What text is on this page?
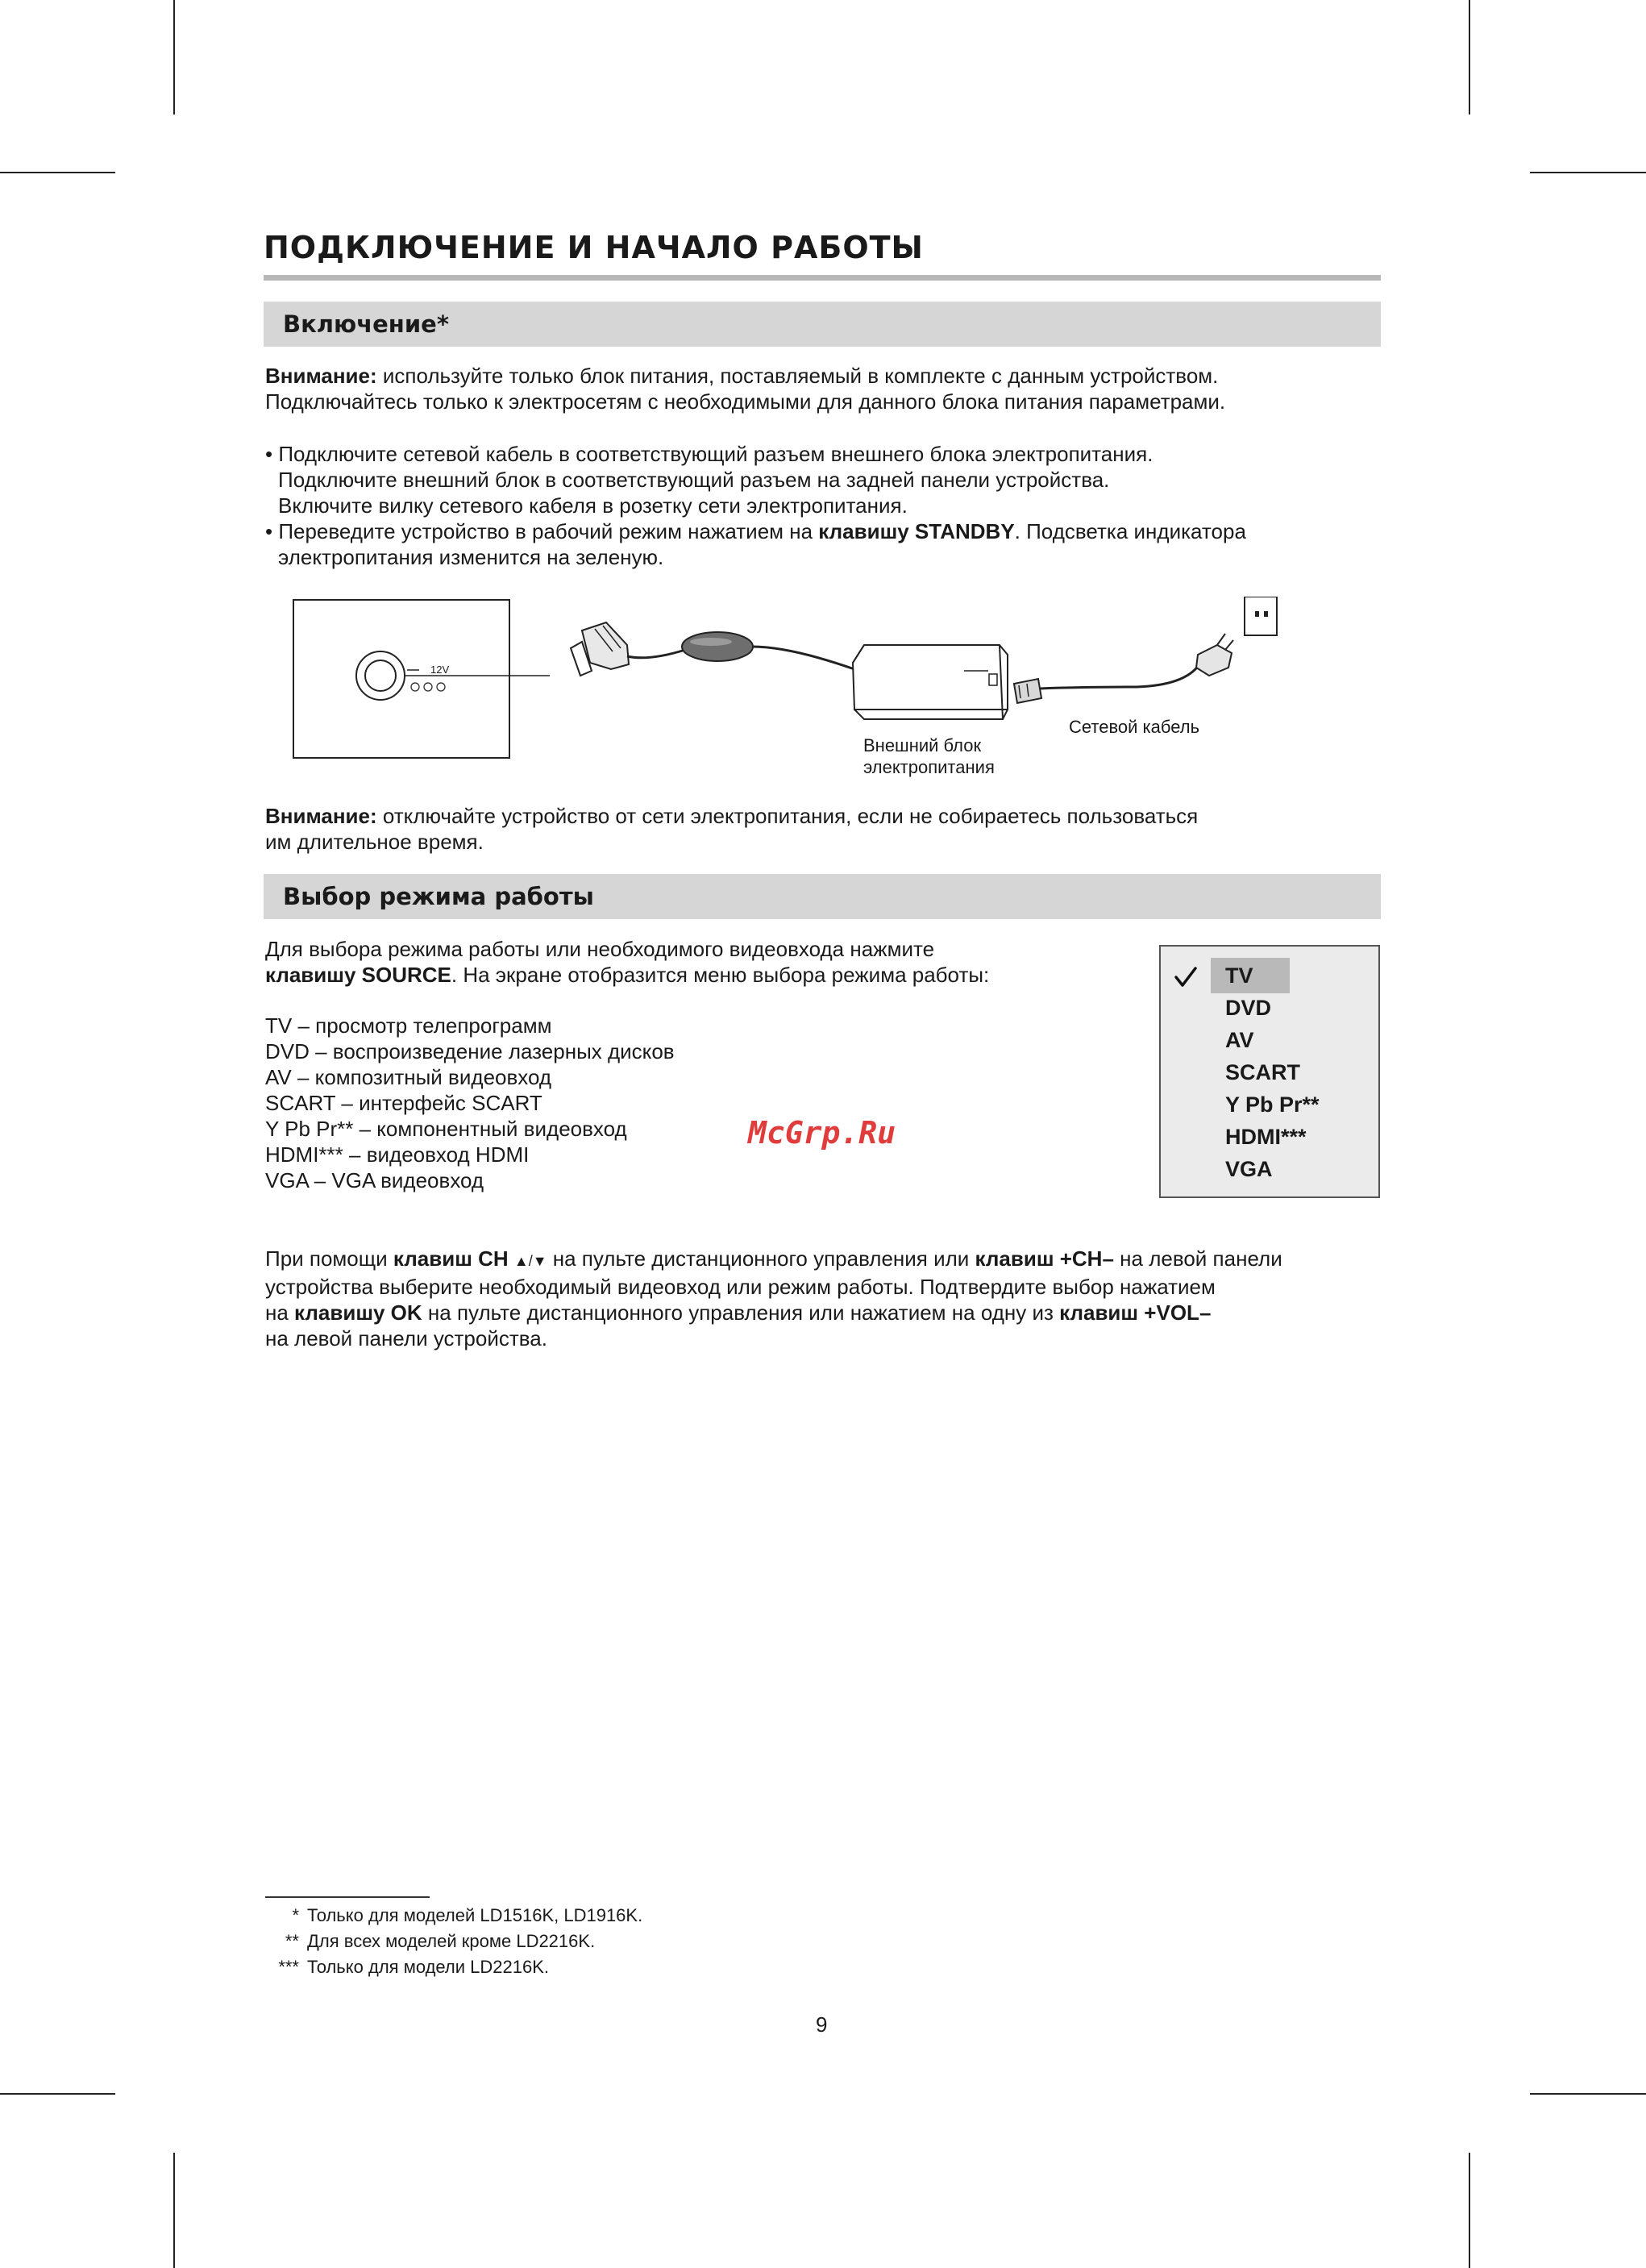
ПОДКЛЮЧЕНИЕ И НАЧАЛО РАБОТЫ
Включение*

Внимание: используйте только блок питания, поставляемый в комплекте с данным устройством.

Подключайтесь только к электросетям с необходимыми для данного блока питания параметрами.

• Подключите сетевой кабель в соответствующий разъем внешнего блока электропитания.

Подключите внешний блок в соответствующий разъем на задней панели устройства.

Включите вилку сетевого кабеля в розетку сети электропитания.

• Переведите устройство в рабочий режим нажатием на клавишу STANDBY. Подсветка индикатора

электропитания изменится на зеленую.

12V
Внешний блок
электропитания
Сетевой кабель

Внимание: отключайте устройство от сети электропитания, если не собираетесь пользоваться

им длительное время.

Выбор режима работы

Для выбора режима работы или необходимого видеовхода нажмите

клавишу SOURCE. На экране отобразится меню выбора режима работы:

TV – просмотр телепрограмм

DVD – воспроизведение лазерных дисков

AV – композитный видеовход

SCART – интерфейс SCART

Y Pb Pr** – компонентный видеовход

HDMI*** – видеовход HDMI

VGA – VGA видеовход

TV
DVD
AV
SCART
Y Pb Pr**
HDMI***
VGA
McGrp.Ru

При помощи клавиш CH ▲/▼ на пульте дистанционного управления или клавиш +CH– на левой панели

устройства выберите необходимый видеовход или режим работы. Подтвердите выбор нажатием

на клавишу OK на пульте дистанционного управления или нажатием на одну из клавиш +VOL–

на левой панели устройства.

* Только для моделей LD1516K, LD1916K.
** Для всех моделей кроме LD2216K.
*** Только для модели LD2216K.
9
